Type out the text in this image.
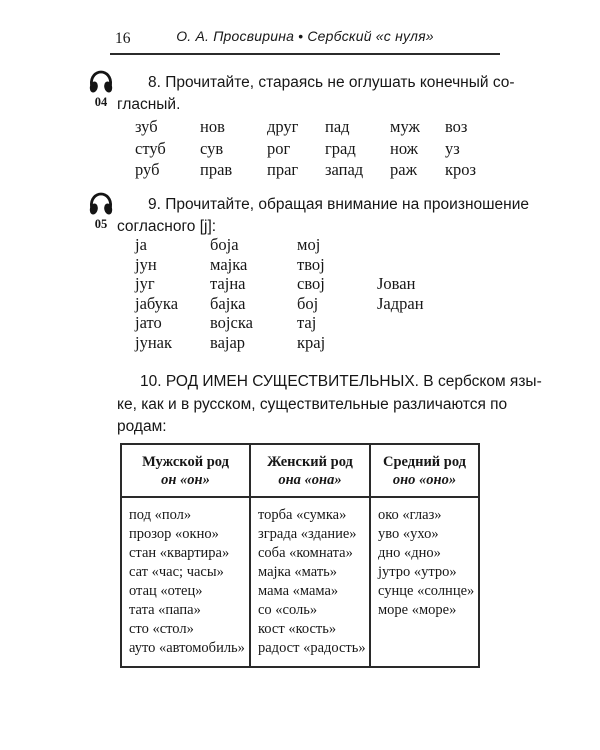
16	О. А. Просвирина • Сербский «с нуля»
04
8. Прочитайте, стараясь не оглушать конечный со-
гласный.
зуб	нов	друг	пад	муж	воз
стуб	сув	рог	град	нож	уз
руб	прав	праг	запад	раж	кроз
05
9. Прочитайте, обращая внимание на произношение
согласного [j]:
ја	боја	мој
јун	мајка	твој
југ	тајна	свој	Јован
јабука	бајка	бој	Јадран
јато	војска	тај
јунак	вајар	крај
10. РОД ИМЕН СУЩЕСТВИТЕЛЬНЫХ. В сербском язы-
ке, как и в русском, существительные различаются по
родам:
Мужской род
он «он»

Женский род
она «она»

Средний род
оно «оно»

под «пол»	торба «сумка»	око «глаз»
прозор «окно»	зграда «здание»	уво «ухо»
стан «квартира»	соба «комната»	дно «дно»
сат «час; часы»	мајка «мать»	јутро «утро»
отац «отец»	мама «мама»	сунце «солнце»
тата «папа»	со «соль»	море «море»
сто «стол»	кост «кость»	
ауто «автомобиль»	радост «радость»	
